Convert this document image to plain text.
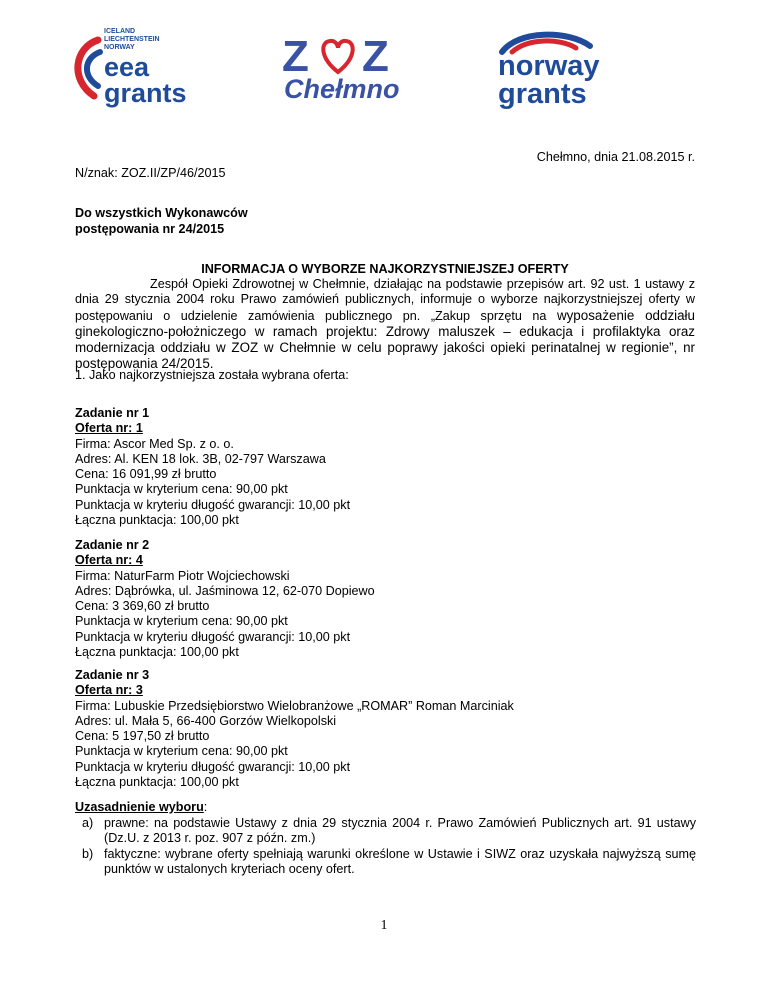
ICELAND
LIECHTENSTEIN
NORWAY
eea
grants
Z Z
Chełmno
norway
grants
Chełmno, dnia 21.08.2015 r.
N/znak: ZOZ.II/ZP/46/2015
Do wszystkich Wykonawców
postępowania nr 24/2015
INFORMACJA O WYBORZE NAJKORZYSTNIEJSZEJ OFERTY
Zespół Opieki Zdrowotnej w Chełmnie, działając na podstawie przepisów art. 92 ust. 1 ustawy z dnia 29 stycznia 2004 roku Prawo zamówień publicznych, informuje o wyborze najkorzystniejszej oferty w postępowaniu o udzielenie zamówienia publicznego pn. „Zakup sprzętu na wyposażenie oddziału ginekologiczno-położniczego w ramach projektu: Zdrowy maluszek – edukacja i profilaktyka oraz modernizacja oddziału w ZOZ w Chełmnie w celu poprawy jakości opieki perinatalnej w regionie”, nr postępowania 24/2015.
1. Jako najkorzystniejsza została wybrana oferta:
Zadanie nr 1
Oferta nr: 1
Firma: Ascor Med Sp. z o. o.
Adres: Al. KEN 18 lok. 3B, 02-797 Warszawa
Cena: 16 091,99 zł brutto
Punktacja w kryterium cena: 90,00 pkt
Punktacja w kryteriu długość gwarancji: 10,00 pkt
Łączna punktacja: 100,00 pkt
Zadanie nr 2
Oferta nr: 4
Firma: NaturFarm Piotr Wojciechowski
Adres: Dąbrówka, ul. Jaśminowa 12, 62-070 Dopiewo
Cena: 3 369,60 zł brutto
Punktacja w kryterium cena: 90,00 pkt
Punktacja w kryteriu długość gwarancji: 10,00 pkt
Łączna punktacja: 100,00 pkt
Zadanie nr 3
Oferta nr: 3
Firma: Lubuskie Przedsiębiorstwo Wielobranżowe „ROMAR” Roman Marciniak
Adres: ul. Mała 5, 66-400 Gorzów Wielkopolski
Cena: 5 197,50 zł brutto
Punktacja w kryterium cena: 90,00 pkt
Punktacja w kryteriu długość gwarancji: 10,00 pkt
Łączna punktacja: 100,00 pkt
Uzasadnienie wyboru:
a) prawne: na podstawie Ustawy z dnia 29 stycznia 2004 r. Prawo Zamówień Publicznych art. 91 ustawy (Dz.U. z 2013 r. poz. 907 z późn. zm.)
b) faktyczne: wybrane oferty spełniają warunki określone w Ustawie i SIWZ oraz uzyskała najwyższą sumę punktów w ustalonych kryteriach oceny ofert.
1
